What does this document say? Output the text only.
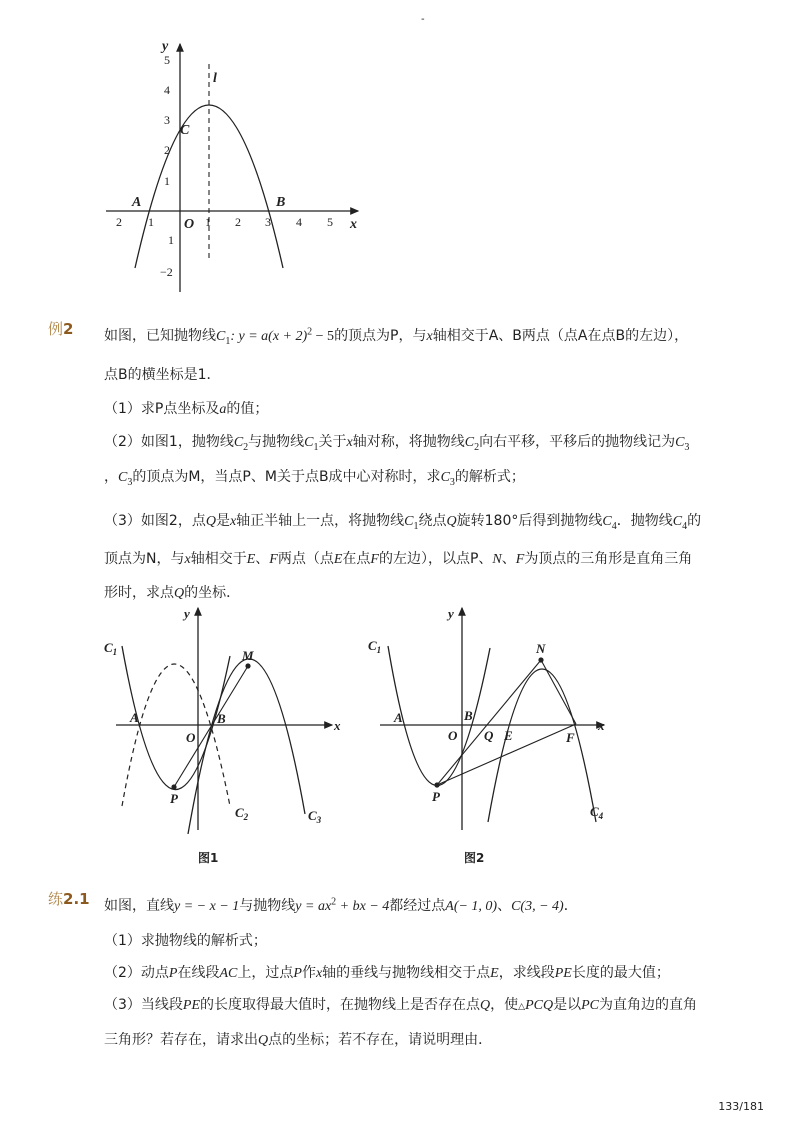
-
2 1	1 2 3 4 5
5
4
3
2
1
1
−2
y
x
O
l
C
A	B
例2 如图，已知抛物线$C_1$: $y = a(x + 2)^2 - 5$的顶点为P，与x轴相交于A、B两点（点A在点B的左边），
点B的横坐标是1．
（1）求P点坐标及a的值；
（2）如图1，抛物线$C_2$与抛物线$C_1$关于x轴对称，将抛物线$C_2$向右平移，平移后的抛物线记为$C_3$
，$C_3$的顶点为M，当点P、M关于点B成中心对称时，求$C_3$的解析式；
（3）如图2，点Q是x轴正半轴上一点，将抛物线$C_1$绕点Q旋转180°后得到抛物线$C_4$．抛物线$C_4$的
顶点为N，与x轴相交于E、F两点（点E在点F的左边），以点P、N、F为顶点的三角形是直角三角
形时，求点Q的坐标．
y
x
O
A	B
M
P
$C_1$
$C_2$	$C_3$
图1
y
x
O
A	B
Q E	F
N
P
$C_1$
$C_4$
图2
练2.1 如图，直线y = − x − 1与抛物线$y = ax^2$ + bx − 4都经过点A(− 1, 0)、C(3, − 4)．
（1）求抛物线的解析式；
（2）动点P在线段AC上，过点P作x轴的垂线与抛物线相交于点E，求线段PE长度的最大值；
（3）当线段PE的长度取得最大值时，在抛物线上是否存在点Q，使△PCQ是以PC为直角边的直角
三角形？若存在，请求出Q点的坐标；若不存在，请说明理由．
133/181
